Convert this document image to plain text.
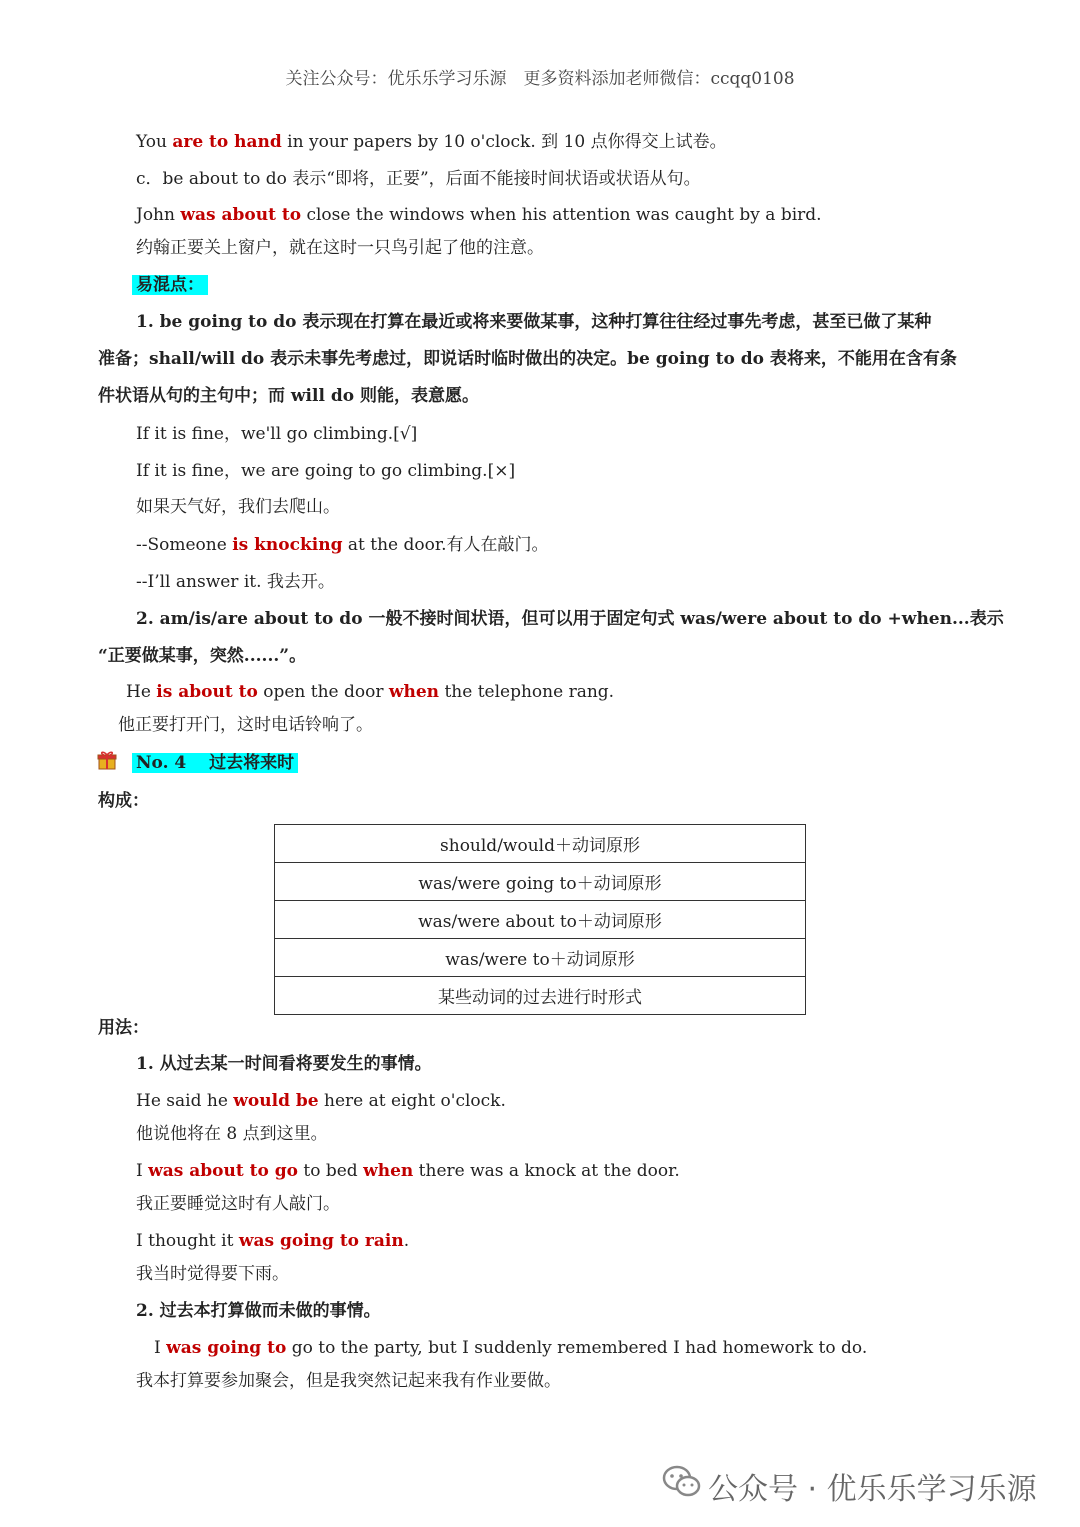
关注公众号：优乐乐学习乐源　更多资料添加老师微信：ccqq0108
You are to hand in your papers by 10 o'clock. 到 10 点你得交上试卷。
c．be about to do 表示“即将，正要”，后面不能接时间状语或状语从句。
John was about to close the windows when his attention was caught by a bird.
约翰正要关上窗户，就在这时一只鸟引起了他的注意。
易混点：
1. be going to do 表示现在打算在最近或将来要做某事，这种打算往往经过事先考虑，甚至已做了某种
准备；shall/will do 表示未事先考虑过，即说话时临时做出的决定。be going to do 表将来，不能用在含有条
件状语从句的主句中；而 will do 则能，表意愿。
If it is fine，we'll go climbing.[√]
If it is fine，we are going to go climbing.[×]
如果天气好，我们去爬山。
--Someone is knocking at the door.有人在敲门。
--I’ll answer it. 我去开。
2. am/is/are about to do 一般不接时间状语，但可以用于固定句式 was/were about to do +when...表示
“正要做某事，突然......”。
He is about to open the door when the telephone rang.
他正要打开门，这时电话铃响了。
No. 4　 过去将来时
构成：
should/would＋动词原形
was/were going to＋动词原形
was/were about to＋动词原形
was/were to＋动词原形
某些动词的过去进行时形式
用法：
1. 从过去某一时间看将要发生的事情。
He said he would be here at eight o'clock.
他说他将在 8 点到这里。
I was about to go to bed when there was a knock at the door.
我正要睡觉这时有人敲门。
I thought it was going to rain.
我当时觉得要下雨。
2. 过去本打算做而未做的事情。
I was going to go to the party, but I suddenly remembered I had homework to do.
我本打算要参加聚会，但是我突然记起来我有作业要做。
公众号 · 优乐乐学习乐源
